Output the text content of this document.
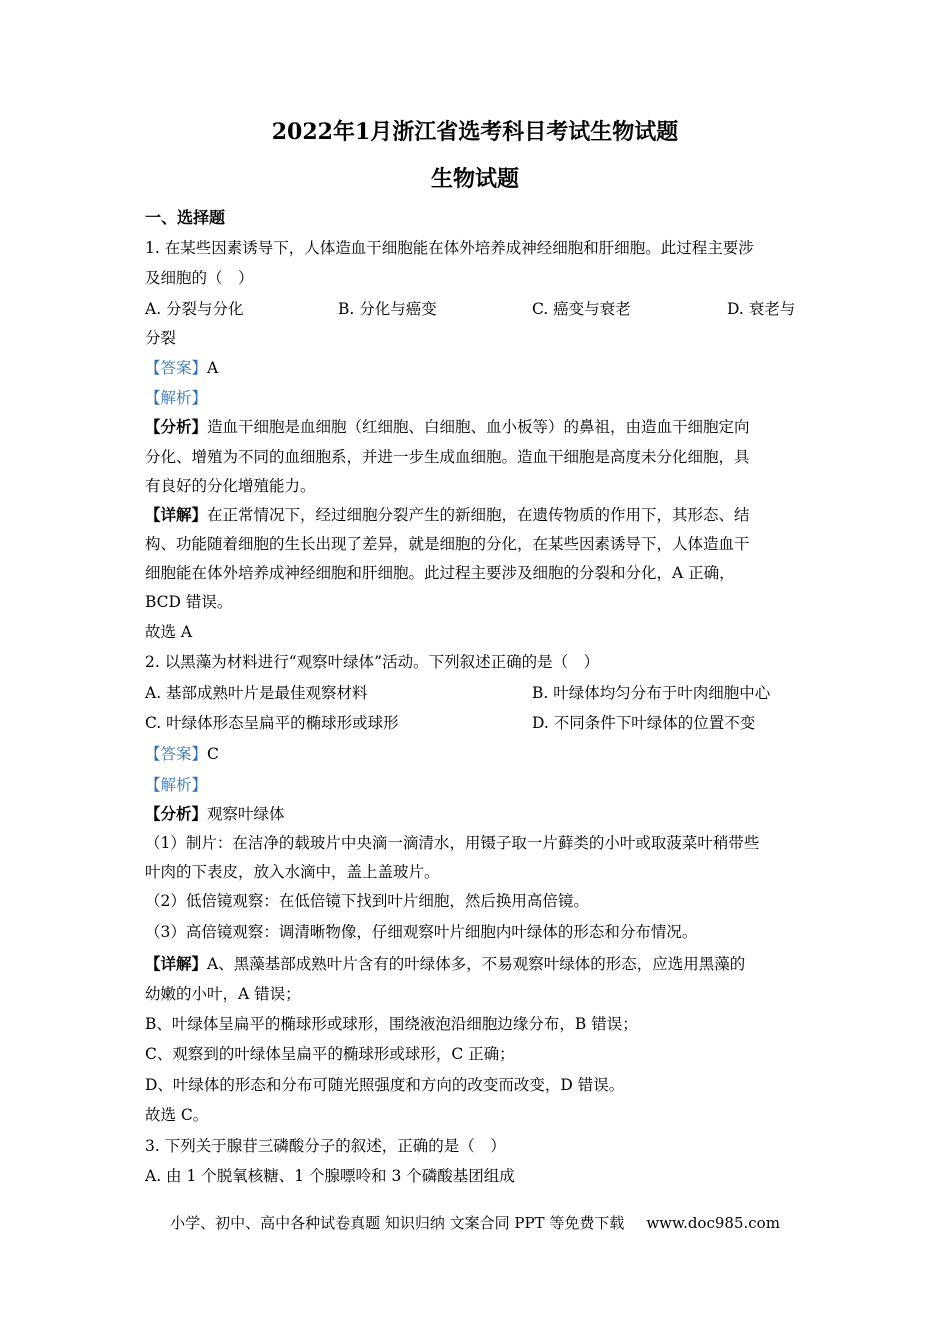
2022年1月浙江省选考科目考试生物试题
生物试题
一、选择题
1. 在某些因素诱导下，人体造血干细胞能在体外培养成神经细胞和肝细胞。此过程主要涉
及细胞的（　）
A. 分裂与分化	B. 分化与癌变	C. 癌变与衰老	D. 衰老与
分裂
【答案】A
【解析】
【分析】造血干细胞是血细胞（红细胞、白细胞、血小板等）的鼻祖，由造血干细胞定向
分化、增殖为不同的血细胞系，并进一步生成血细胞。造血干细胞是高度未分化细胞，具
有良好的分化增殖能力。
【详解】在正常情况下，经过细胞分裂产生的新细胞，在遗传物质的作用下，其形态、结
构、功能随着细胞的生长出现了差异，就是细胞的分化，在某些因素诱导下，人体造血干
细胞能在体外培养成神经细胞和肝细胞。此过程主要涉及细胞的分裂和分化，A 正确，
BCD 错误。
故选 A
2. 以黑藻为材料进行“观察叶绿体”活动。下列叙述正确的是（　）
A. 基部成熟叶片是最佳观察材料	B. 叶绿体均匀分布于叶肉细胞中心
C. 叶绿体形态呈扁平的椭球形或球形	D. 不同条件下叶绿体的位置不变
【答案】C
【解析】
【分析】观察叶绿体
（1）制片：在洁净的载玻片中央滴一滴清水，用镊子取一片藓类的小叶或取菠菜叶稍带些
叶肉的下表皮，放入水滴中，盖上盖玻片。
（2）低倍镜观察：在低倍镜下找到叶片细胞，然后换用高倍镜。
（3）高倍镜观察：调清晰物像，仔细观察叶片细胞内叶绿体的形态和分布情况。
【详解】A、黑藻基部成熟叶片含有的叶绿体多，不易观察叶绿体的形态，应选用黑藻的
幼嫩的小叶，A 错误；
B、叶绿体呈扁平的椭球形或球形，围绕液泡沿细胞边缘分布，B 错误；
C、观察到的叶绿体呈扁平的椭球形或球形，C 正确；
D、叶绿体的形态和分布可随光照强度和方向的改变而改变，D 错误。
故选 C。
3. 下列关于腺苷三磷酸分子的叙述，正确的是（　）
A. 由 1 个脱氧核糖、1 个腺嘌呤和 3 个磷酸基团组成
小学、初中、高中各种试卷真题 知识归纳 文案合同 PPT 等免费下载 www.doc985.com
